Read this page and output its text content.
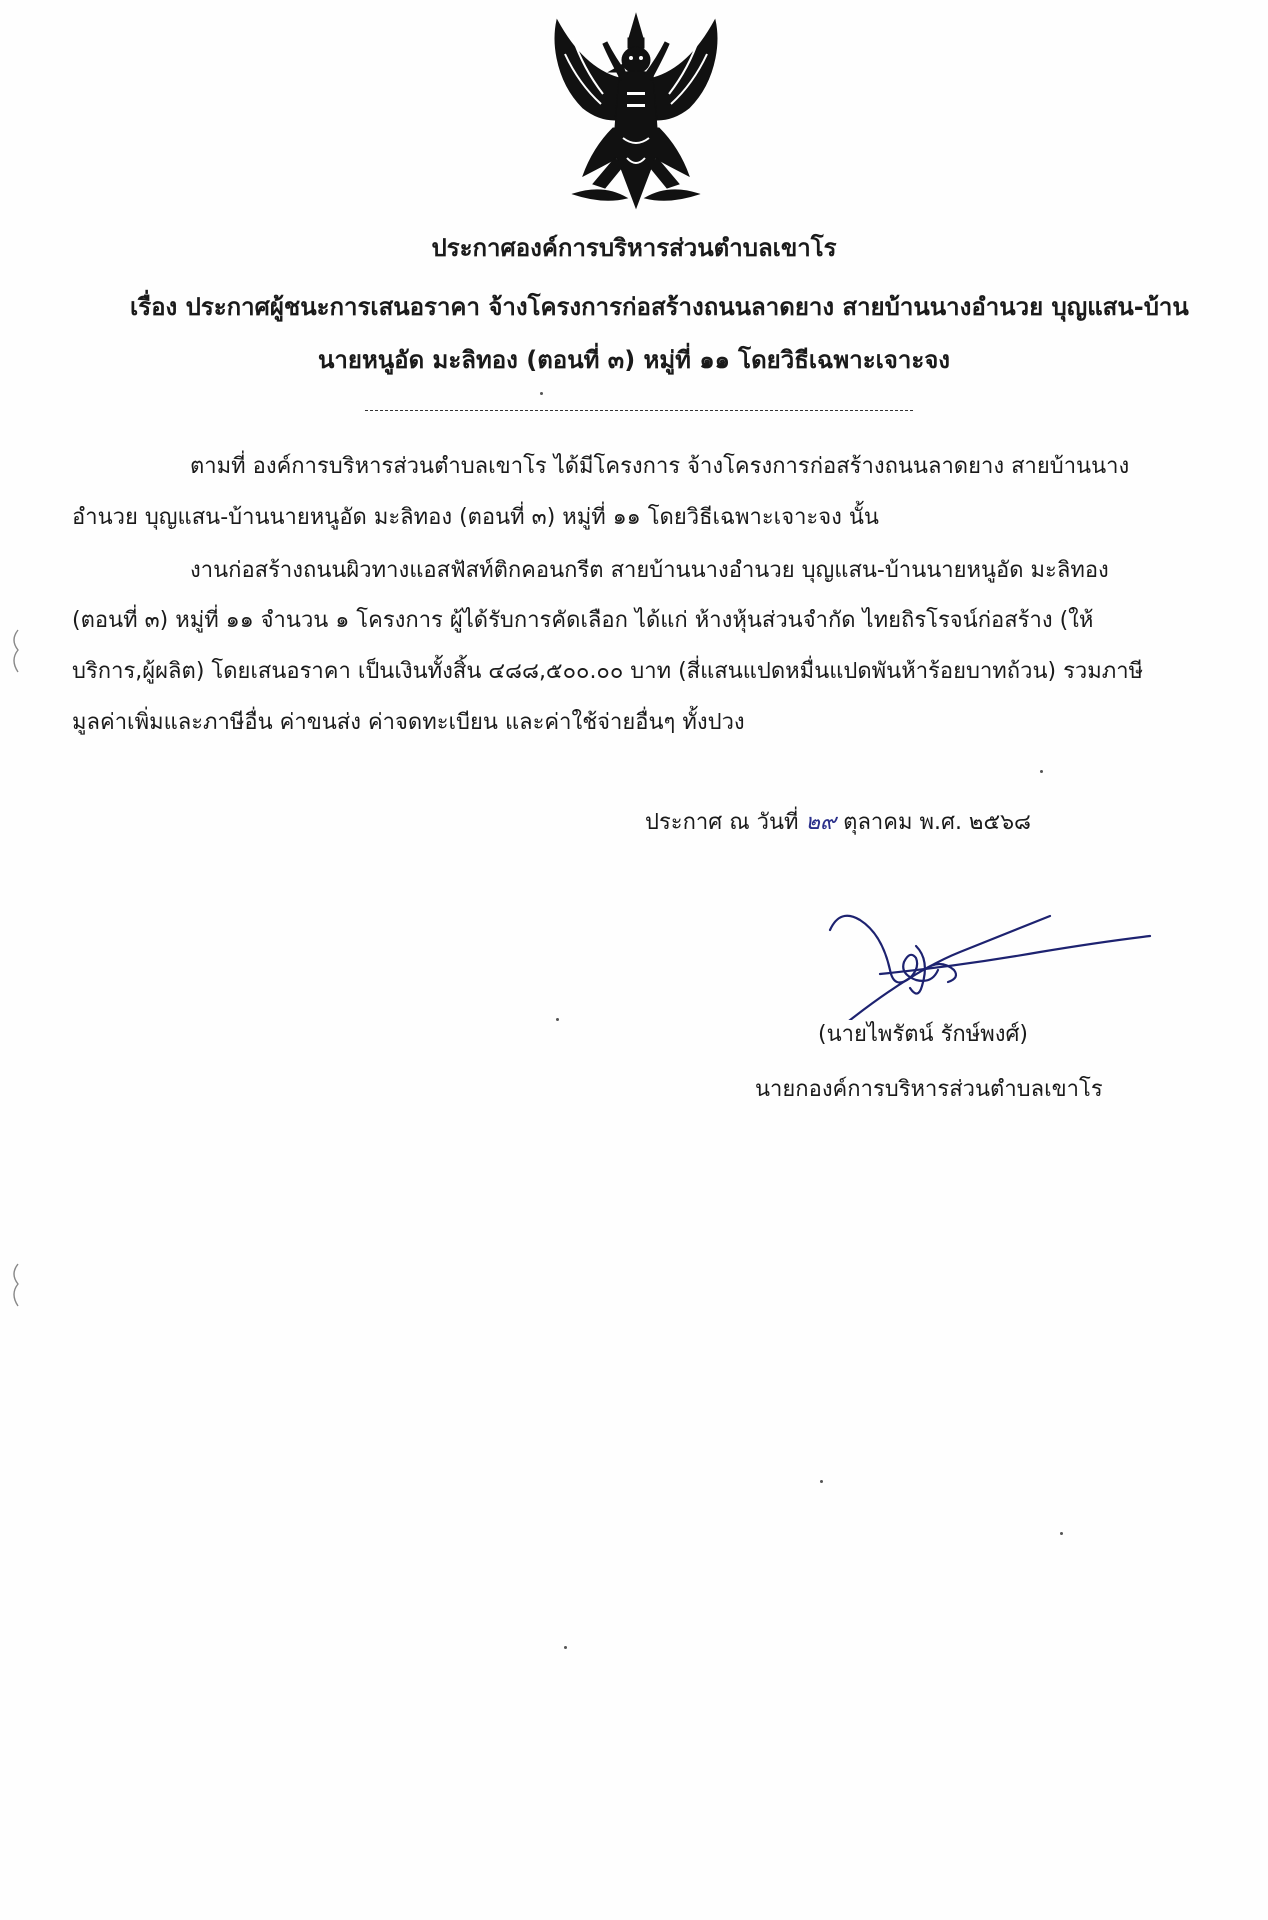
ประกาศองค์การบริหารส่วนตำบลเขาโร
เรื่อง ประกาศผู้ชนะการเสนอราคา จ้างโครงการก่อสร้างถนนลาดยาง สายบ้านนางอำนวย บุญแสน-บ้าน
นายหนูอัด มะลิทอง (ตอนที่ ๓) หมู่ที่ ๑๑ โดยวิธีเฉพาะเจาะจง
ตามที่ องค์การบริหารส่วนตำบลเขาโร ได้มีโครงการ จ้างโครงการก่อสร้างถนนลาดยาง สายบ้านนาง
อำนวย บุญแสน-บ้านนายหนูอัด มะลิทอง (ตอนที่ ๓) หมู่ที่ ๑๑ โดยวิธีเฉพาะเจาะจง นั้น
งานก่อสร้างถนนผิวทางแอสฟัสท์ติกคอนกรีต สายบ้านนางอำนวย บุญแสน-บ้านนายหนูอัด มะลิทอง
(ตอนที่ ๓) หมู่ที่ ๑๑ จำนวน ๑ โครงการ ผู้ได้รับการคัดเลือก ได้แก่ ห้างหุ้นส่วนจำกัด ไทยถิรโรจน์ก่อสร้าง (ให้
บริการ,ผู้ผลิต) โดยเสนอราคา เป็นเงินทั้งสิ้น ๔๘๘,๕๐๐.๐๐ บาท (สี่แสนแปดหมื่นแปดพันห้าร้อยบาทถ้วน) รวมภาษี
มูลค่าเพิ่มและภาษีอื่น ค่าขนส่ง ค่าจดทะเบียน และค่าใช้จ่ายอื่นๆ ทั้งปวง
ประกาศ ณ วันที่ ๒๙ ตุลาคม พ.ศ. ๒๕๖๘
(นายไพรัตน์ รักษ์พงศ์)
นายกองค์การบริหารส่วนตำบลเขาโร
